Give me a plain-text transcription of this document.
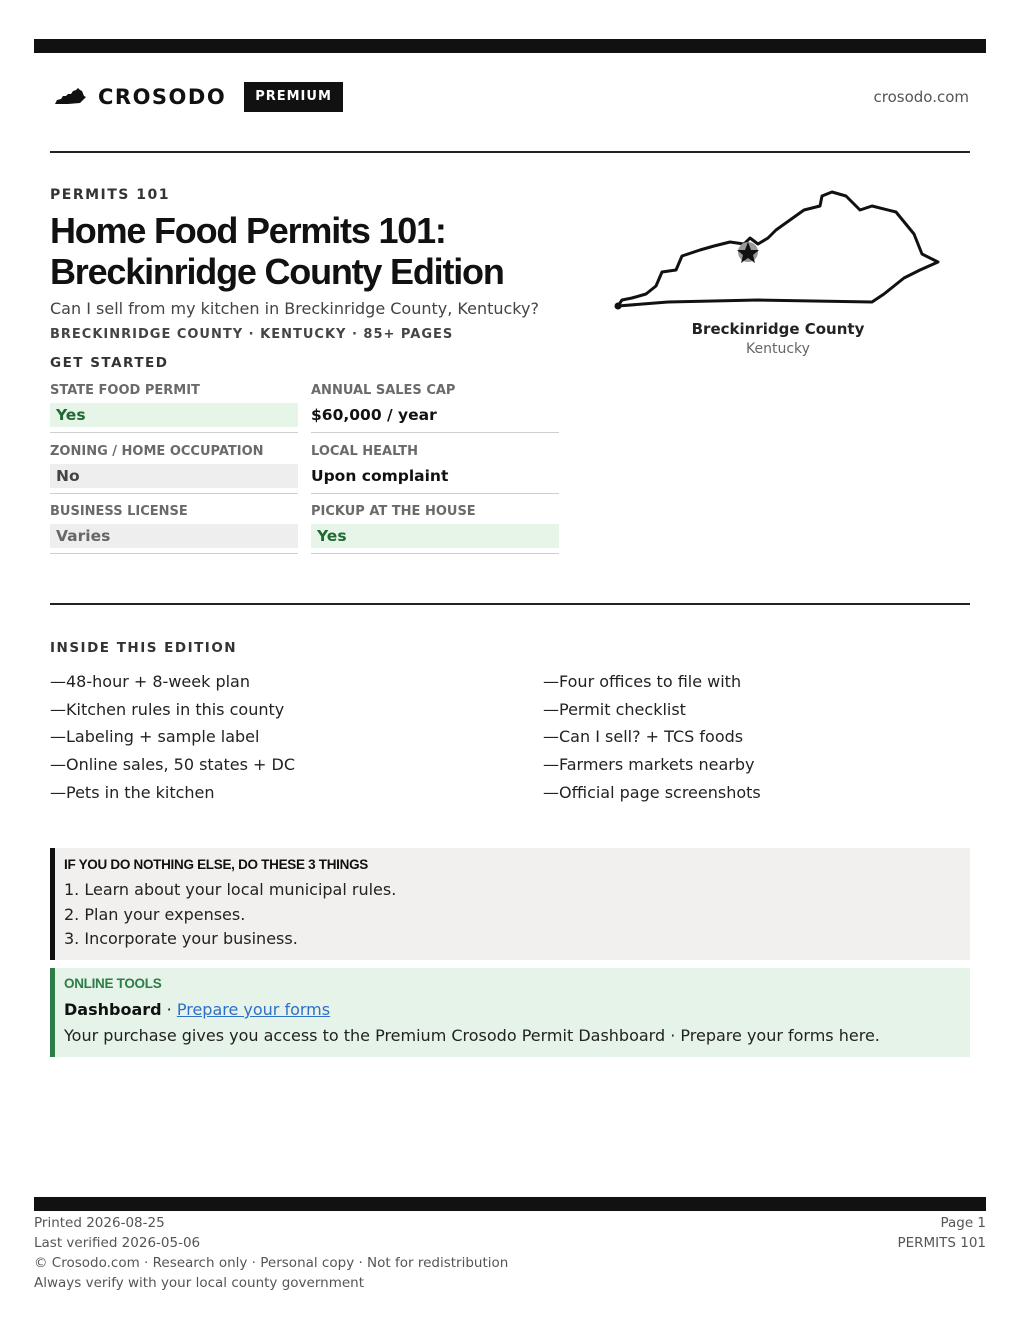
CROSODO	PREMIUM	crosodo.com
PERMITS 101
Home Food Permits 101:
Breckinridge County Edition
Can I sell from my kitchen in Breckinridge County, Kentucky?
BRECKINRIDGE COUNTY · KENTUCKY · 85+ PAGES
GET STARTED
STATE FOOD PERMIT
Yes
ANNUAL SALES CAP
$60,000 / year
ZONING / HOME OCCUPATION
No
LOCAL HEALTH
Upon complaint
BUSINESS LICENSE
Varies
PICKUP AT THE HOUSE
Yes
Breckinridge County
Kentucky
INSIDE THIS EDITION
—48-hour + 8-week plan
—Kitchen rules in this county
—Labeling + sample label
—Online sales, 50 states + DC
—Pets in the kitchen
—Four offices to file with
—Permit checklist
—Can I sell? + TCS foods
—Farmers markets nearby
—Official page screenshots
IF YOU DO NOTHING ELSE, DO THESE 3 THINGS
1. Learn about your local municipal rules.
2. Plan your expenses.
3. Incorporate your business.
ONLINE TOOLS
Dashboard · Prepare your forms
Your purchase gives you access to the Premium Crosodo Permit Dashboard · Prepare your forms here.
Printed 2026-08-25
Last verified 2026-05-06
© Crosodo.com · Research only · Personal copy · Not for redistribution
Always verify with your local county government
Page 1
PERMITS 101
